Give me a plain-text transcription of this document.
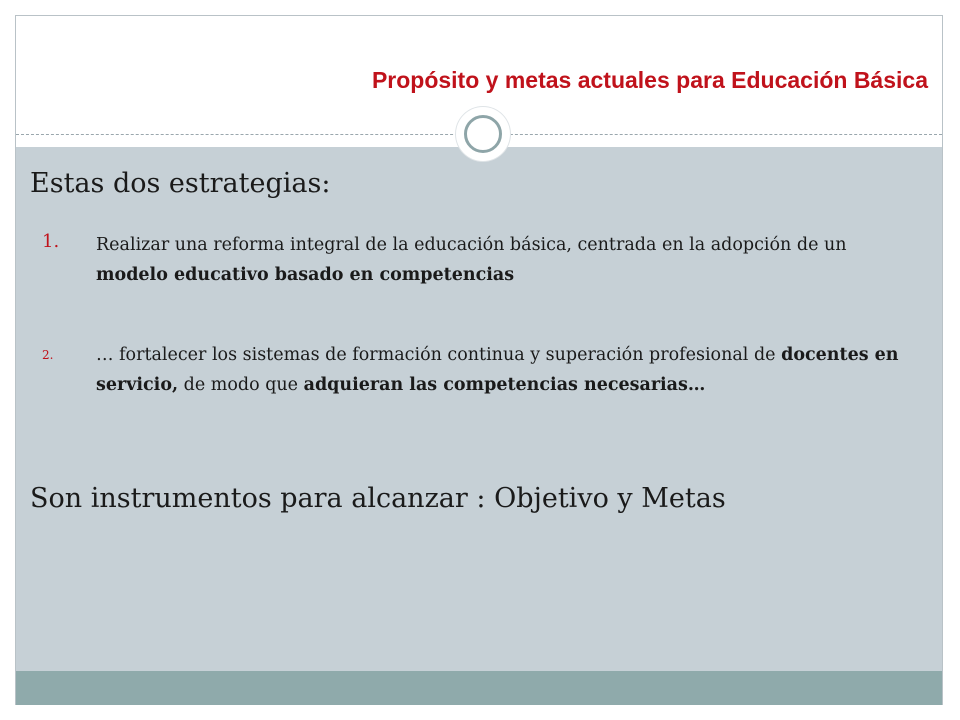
Propósito y metas actuales para Educación Básica
Estas dos estrategias:
1. Realizar una reforma integral de la educación básica, centrada en la adopción de un modelo educativo basado en competencias
2. … fortalecer los sistemas de formación continua y superación profesional de docentes en servicio, de modo que adquieran las competencias necesarias…
Son instrumentos para alcanzar : Objetivo y Metas
